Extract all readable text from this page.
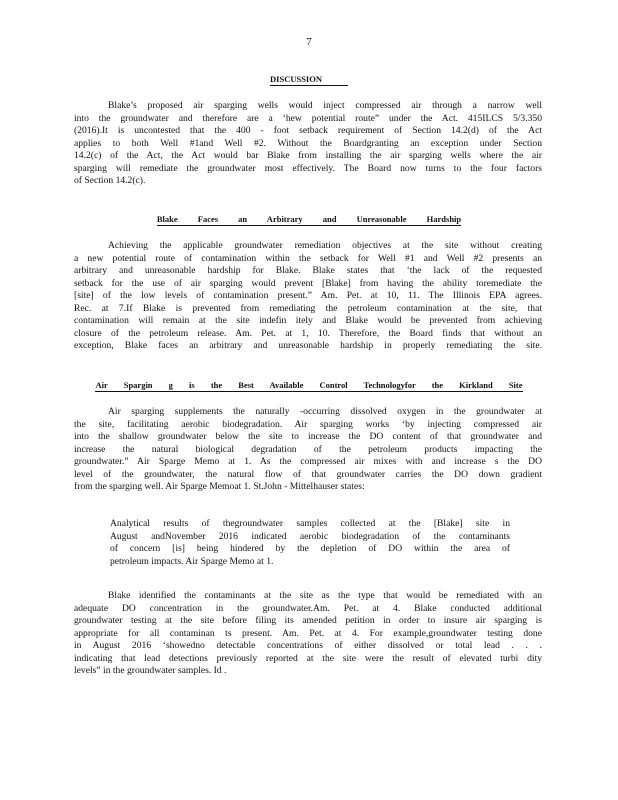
7
DISCUSSION
Blake’s proposed air sparging wells would inject compressed air through a narrow well
into the groundwater and therefore are a ‘hew potential route” under the Act. 415ILCS 5/3.350
(2016).It is uncontested that the 400 - foot setback requirement of Section 14.2(d) of the Act
applies to both Well #1and Well #2. Without the Boardgranting an exception under Section
14.2(c) of the Act, the Act would bar Blake from installing the air sparging wells where the air
sparging will remediate the groundwater most effectively. The Board now turns to the four factors
of Section 14.2(c).
Blake Faces an Arbitrary and Unreasonable Hardship
Achieving the applicable groundwater remediation objectives at the site without creating
a new potential route of contamination within the setback for Well #1 and Well #2 presents an
arbitrary and unreasonable hardship for Blake. Blake states that ‘the lack of the requested
setback for the use of air sparging would prevent [Blake] from having the ability toremediate the
[site] of the low levels of contamination present.” Am. Pet. at 10, 11. The Illinois EPA agrees.
Rec. at 7.If Blake is prevented from remediating the petroleum contamination at the site, that
contamination will remain at the site indefin itely and Blake would be prevented from achieving
closure of the petroleum release. Am. Pet. at 1, 10. Therefore, the Board finds that without an
exception, Blake faces an arbitrary and unreasonable hardship in properly remediating the site.
Air Spargin g is the Best Available Control Technologyfor the Kirkland Site
Air sparging supplements the naturally -occurring dissolved oxygen in the groundwater at
the site, facilitating aerobic biodegradation. Air sparging works ‘by injecting compressed air
into the shallow groundwater below the site to increase the DO content of that groundwater and
increase the natural biological degradation of the petroleum products impacting the
groundwater.” Air Sparge Memo at 1. As the compressed air mixes with and increase s the DO
level of the groundwater, the natural flow of that groundwater carries the DO down gradient
from the sparging well. Air Sparge Memoat 1. St.John - Mittelhauser states:
Analytical results of thegroundwater samples collected at the [Blake] site in
August andNovember 2016 indicated aerobic biodegradation of the contaminants
of concern [is] being hindered by the depletion of DO within the area of
petroleum impacts. Air Sparge Memo at 1.
Blake identified the contaminants at the site as the type that would be remediated with an
adequate DO concentration in the groundwater.Am. Pet. at 4. Blake conducted additional
groundwater testing at the site before filing its amended petition in order to insure air sparging is
appropriate for all contaminan ts present. Am. Pet. at 4. For example,groundwater testing done
in August 2016 ‘showedno detectable concentrations of either dissolved or total lead . . .
indicating that lead detections previously reported at the site were the result of elevated turbi dity
levels” in the groundwater samples. Id .
